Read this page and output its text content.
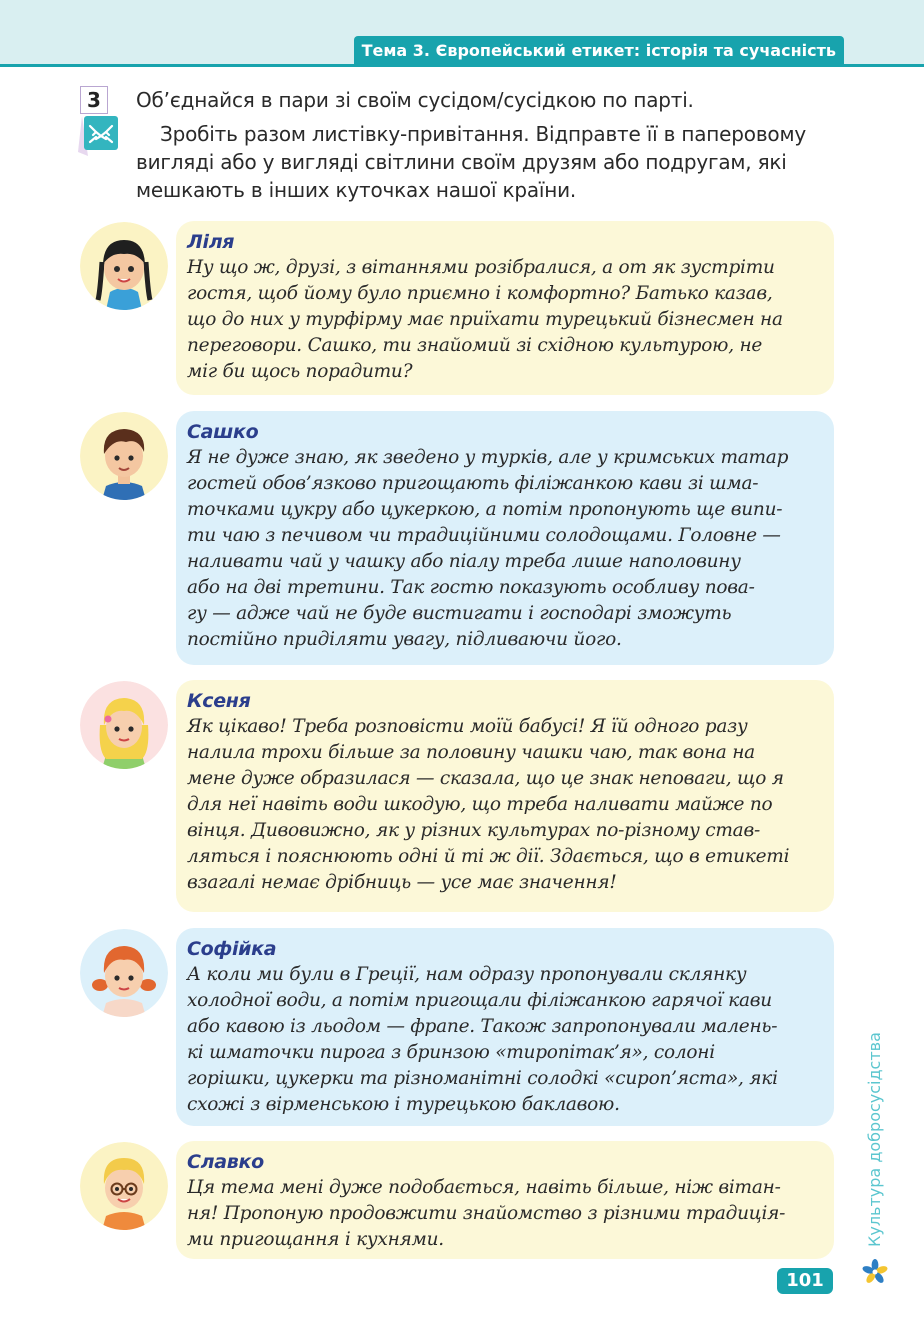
Тема 3. Європейський етикет: історія та сучасність
3	Об’єднайся в пари зі своїм сусідом/сусідкою по парті.
Зробіть разом листівку-привітання. Відправте її в паперовому
вигляді або у вигляді світлини своїм друзям або подругам, які
мешкають в інших куточках нашої країни.
Ліля
Ну що ж, друзі, з вітаннями розібралися, а от як зустріти
гостя, щоб йому було приємно і комфортно? Батько казав,
що до них у турфірму має приїхати турецький бізнесмен на
переговори. Сашко, ти знайомий зі східною культурою, не
міг би щось порадити?
Сашко
Я не дуже знаю, як зведено у турків, але у кримських татар
гостей обов’язково пригощають філіжанкою кави зі шма-
точками цукру або цукеркою, а потім пропонують ще випи-
ти чаю з печивом чи традиційними солодощами. Головне —
наливати чай у чашку або піалу треба лише наполовину
або на дві третини. Так гостю показують особливу пова-
гу — адже чай не буде вистигати і господарі зможуть
постійно приділяти увагу, підливаючи його.
Ксеня
Як цікаво! Треба розповісти моїй бабусі! Я їй одного разу
налила трохи більше за половину чашки чаю, так вона на
мене дуже образилася — сказала, що це знак неповаги, що я
для неї навіть води шкодую, що треба наливати майже по
вінця. Дивовижно, як у різних культурах по-різному став-
ляться і пояснюють одні й ті ж дії. Здається, що в етикеті
взагалі немає дрібниць — усе має значення!
Софійка
А коли ми були в Греції, нам одразу пропонували склянку
холодної води, а потім пригощали філіжанкою гарячої кави
або кавою із льодом — фрапе. Також запропонували малень-
кі шматочки пирога з бринзою «тиропітак’я», солоні
горішки, цукерки та різноманітні солодкі «сироп’яста», які
схожі з вірменською і турецькою баклавою.
Славко
Ця тема мені дуже подобається, навіть більше, ніж вітан-
ня! Пропоную продовжити знайомство з різними традиція-
ми пригощання і кухнями.	Культура добросусідства
101
